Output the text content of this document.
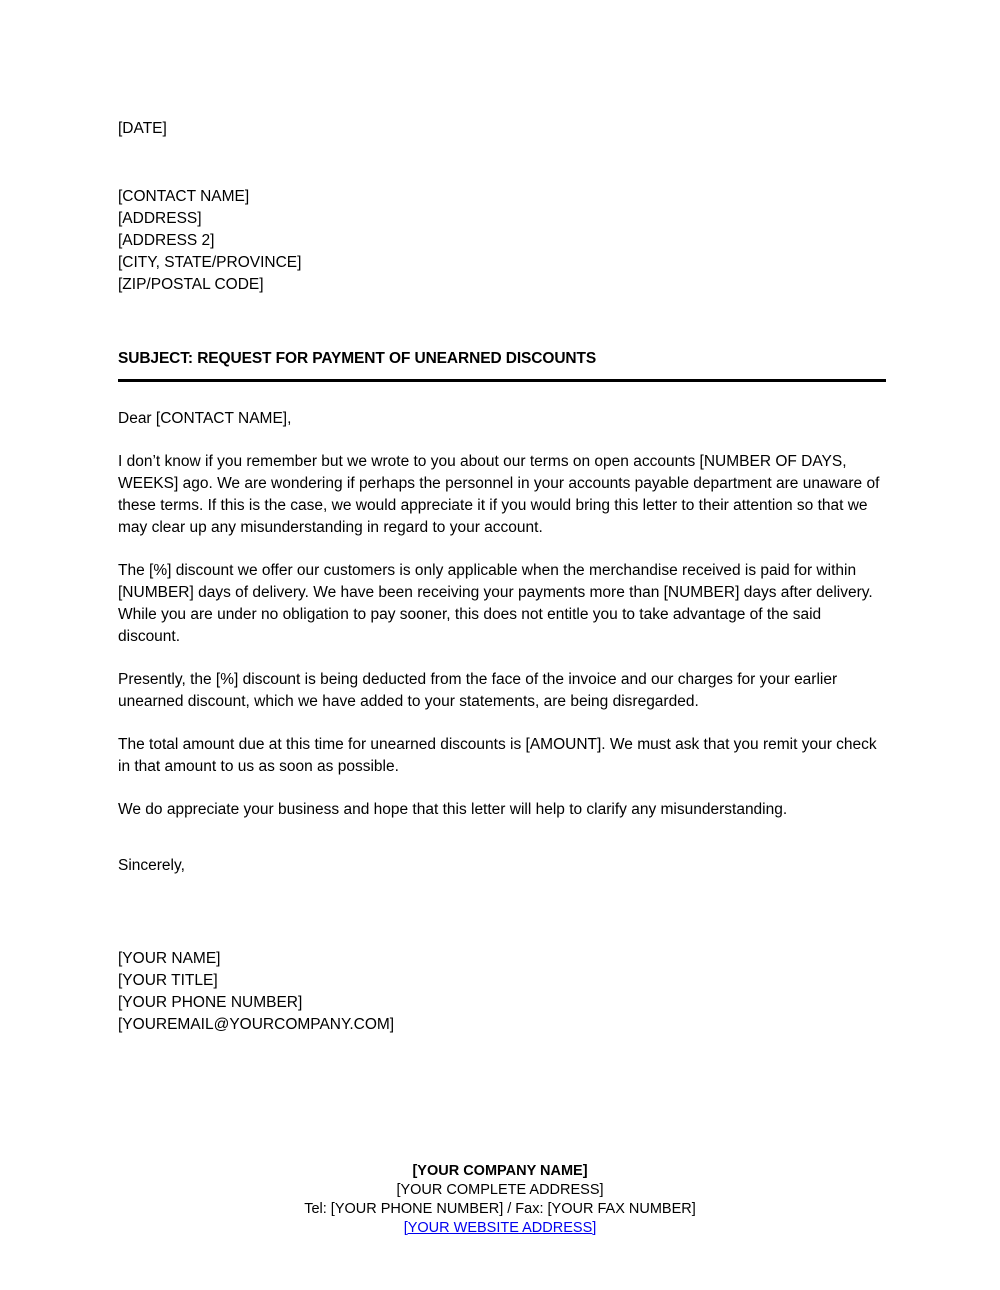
[DATE]

[CONTACT NAME]

[ADDRESS]

[ADDRESS 2]

[CITY, STATE/PROVINCE]

[ZIP/POSTAL CODE]

SUBJECT: REQUEST FOR PAYMENT OF UNEARNED DISCOUNTS

Dear [CONTACT NAME],

I don’t know if you remember but we wrote to you about our terms on open accounts [NUMBER OF DAYS, WEEKS] ago. We are wondering if perhaps the personnel in your accounts payable department are unaware of these terms. If this is the case, we would appreciate it if you would bring this letter to their attention so that we may clear up any misunderstanding in regard to your account.

The [%] discount we offer our customers is only applicable when the merchandise received is paid for within [NUMBER] days of delivery. We have been receiving your payments more than [NUMBER] days after delivery. While you are under no obligation to pay sooner, this does not entitle you to take advantage of the said discount.

Presently, the [%] discount is being deducted from the face of the invoice and our charges for your earlier unearned discount, which we have added to your statements, are being disregarded.

The total amount due at this time for unearned discounts is [AMOUNT]. We must ask that you remit your check in that amount to us as soon as possible.

We do appreciate your business and hope that this letter will help to clarify any misunderstanding.

Sincerely,

[YOUR NAME]

[YOUR TITLE]

[YOUR PHONE NUMBER]

[YOUREMAIL@YOURCOMPANY.COM]

[YOUR COMPANY NAME]

[YOUR COMPLETE ADDRESS]

Tel: [YOUR PHONE NUMBER] / Fax: [YOUR FAX NUMBER]

[YOUR WEBSITE ADDRESS]
